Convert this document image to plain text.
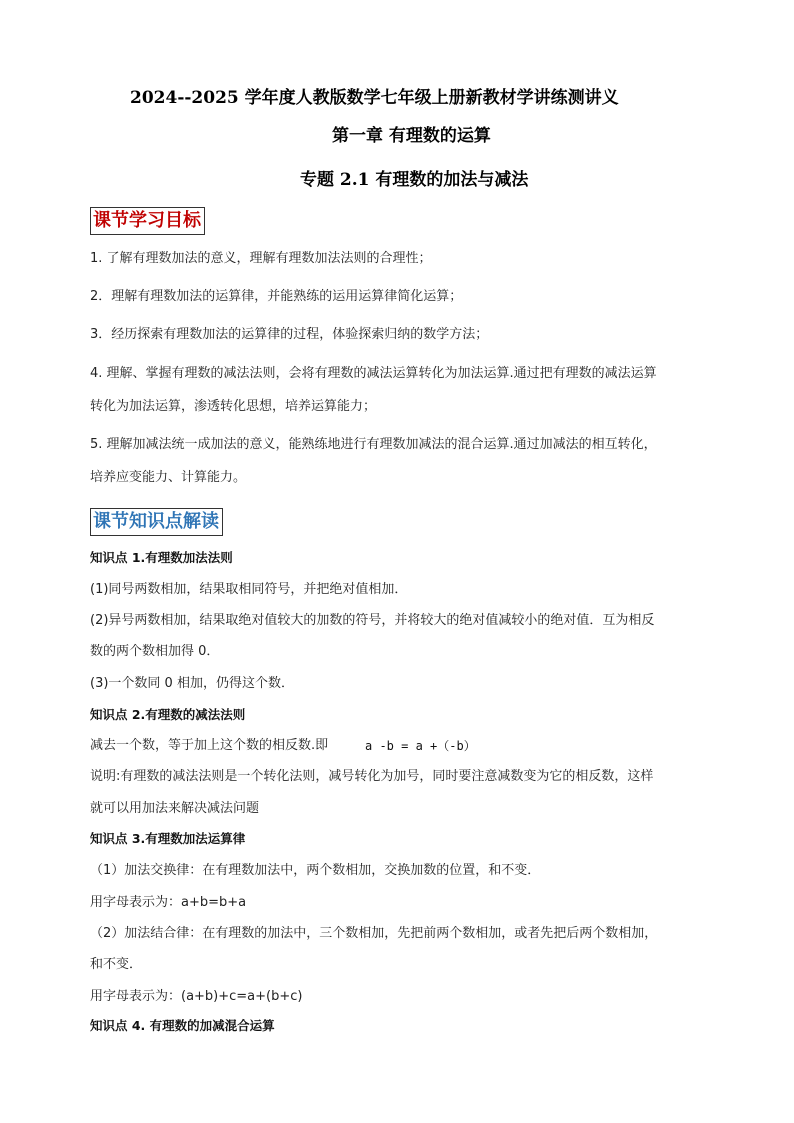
2024--2025 学年度人教版数学七年级上册新教材学讲练测讲义
第一章 有理数的运算
专题 2.1 有理数的加法与减法
课节学习目标
1. 了解有理数加法的意义，理解有理数加法法则的合理性；
2．理解有理数加法的运算律，并能熟练的运用运算律简化运算；
3．经历探索有理数加法的运算律的过程，体验探索归纳的数学方法；
4. 理解、掌握有理数的减法法则，会将有理数的减法运算转化为加法运算.通过把有理数的减法运算
转化为加法运算，渗透转化思想，培养运算能力；
5. 理解加减法统一成加法的意义，能熟练地进行有理数加减法的混合运算.通过加减法的相互转化，
培养应变能力、计算能力。
课节知识点解读
知识点 1.有理数加法法则
(1)同号两数相加，结果取相同符号，并把绝对值相加．
(2)异号两数相加，结果取绝对值较大的加数的符号，并将较大的绝对值减较小的绝对值．互为相反
数的两个数相加得 0．
(3)一个数同 0 相加，仍得这个数．
知识点 2.有理数的减法法则
减去一个数，等于加上这个数的相反数.即	a -b = a +（-b）
说明:有理数的减法法则是一个转化法则，减号转化为加号，同时要注意减数变为它的相反数，这样
就可以用加法来解决减法问题
知识点 3.有理数加法运算律
（1）加法交换律：在有理数加法中，两个数相加，交换加数的位置，和不变．
用字母表示为：a+b=b+a
（2）加法结合律：在有理数的加法中，三个数相加，先把前两个数相加，或者先把后两个数相加，
和不变．
用字母表示为：(a+b)+c=a+(b+c)
知识点 4. 有理数的加减混合运算
